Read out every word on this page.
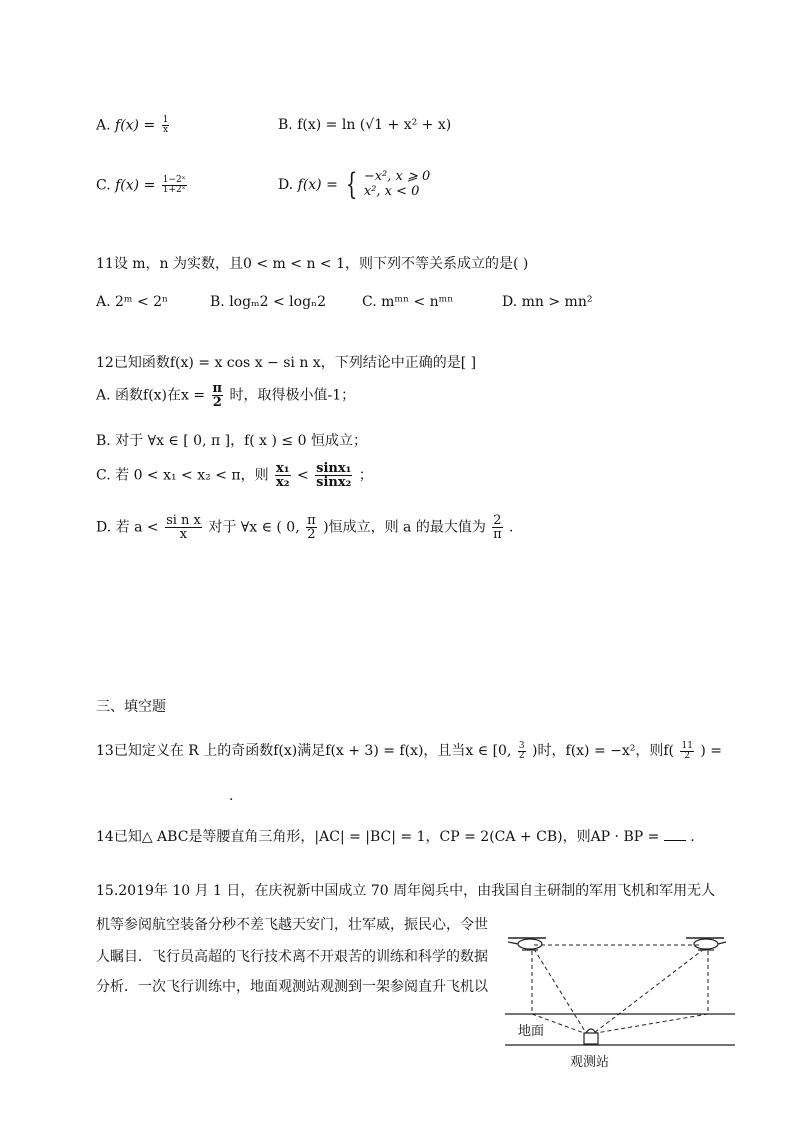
A. $f(x) = \frac{1}{x}$	B. f(x) = ln (√1 + x² + x)
C. $f(x) = \frac{\text{1−2ˣ}}{\text{1+2ˣ}}$	D. f(x) = { −x², x ⩾ 0
x², x < 0
11设 m，n 为实数，且0 < m < n < 1，则下列不等关系成立的是( )
A. 2ᵐ < 2ⁿ	B. logₘ2 < logₙ2	C. mᵐⁿ < nᵐⁿ	D. mn > mn²
12已知函数f(x) = x cos x − si n x，下列结论中正确的是[ ]
A. 函数f(x)在$x = \frac{\pi}{2}$ 时，取得极小值-1；
B. 对于 ∀x ∈ [ 0, π ]，f( x ) ≤ 0 恒成立；
C. 若 0 < x₁ < x₂ < π，则 $\frac{\text{x₁}}{\text{x₂}} < \frac{\text{sinx₁}}{\text{sinx₂}}$ ；
D. 若 $a < \frac{\text{si n x}}{x}$ 对于 ∀x ∈ ( 0, $\frac{\pi}{2}$ )恒成立，则 a 的最大值为 $\frac{2}{\pi}$ .
三、填空题
13已知定义在 R 上的奇函数f(x)满足f(x + 3) = f(x)，且当x ∈ [0, $\frac{3}{2}$ )时，f(x) = −x²，则$f( \frac{11}{2}$ ) =
.
14已知△ ABC是等腰直角三角形，|AC| = |BC| = 1，CP = 2(CA + CB)，则AP · BP = .
15.2019年 10 月 1 日，在庆祝新中国成立 70 周年阅兵中，由我国自主研制的军用飞机和军用无人
机等参阅航空装备分秒不差飞越天安门，壮军威，振民心，令世
人瞩目．飞行员高超的飞行技术离不开艰苦的训练和科学的数据
分析．一次飞行训练中，地面观测站观测到一架参阅直升飞机以
地面
观测站
